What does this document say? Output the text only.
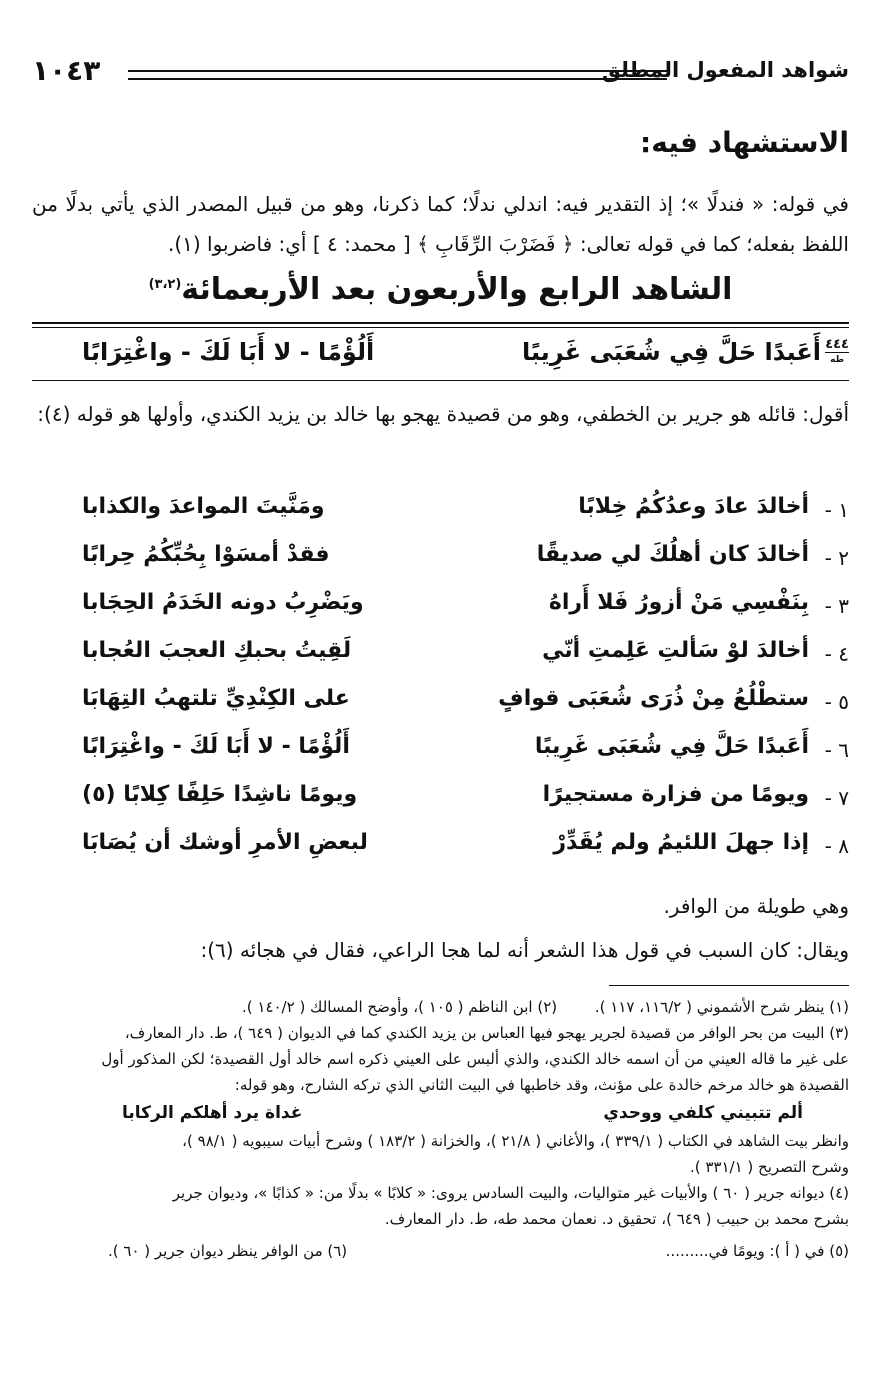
شواهد المفعول المطلق
١٠٤٣
الاستشهاد فيه:

في قوله: « فندلًا »؛ إذ التقدير فيه: اندلي ندلًا؛ كما ذكرنا، وهو من قبيل المصدر الذي يأتي بدلًا من اللفظ بفعله؛ كما في قوله تعالى: ﴿ فَضَرْبَ الرِّقَابِ ﴾ [ محمد: ٤ ] أي: فاضربوا (١).

الشاهد الرابع والأربعون بعد الأربعمائة$^{(٣،٢)}$
٤٤٤
طه
أَعَبدًا حَلَّ فِي شُعَبَى غَرِيبًا
أَلُؤْمًا - لا أَبَا لَكَ - واغْتِرَابًا

أقول: قائله هو جرير بن الخطفي، وهو من قصيدة يهجو بها خالد بن يزيد الكندي، وأولها هو قوله (٤):

١ -
أخالدَ عادَ وعدُكُمُ خِلابًا
ومَنَّيتَ المواعدَ والكذابا
٢ -
أخالدَ كان أهلُكَ لي صديقًا
فقدْ أمسَوْا بِحُبِّكُمُ حِرابًا
٣ -
بِنَفْسِي مَنْ أزورُ فَلا أَراهُ
ويَضْرِبُ دونه الخَدَمُ الحِجَابا
٤ -
أخالدَ لوْ سَألتِ عَلِمتِ أنّي
لَقِيتُ بحبكِ العجبَ العُجابا
٥ -
ستطْلُعُ مِنْ ذُرَى شُعَبَى قوافٍ
على الكِنْدِيِّ تلتهبُ التِهَابَا
٦ -
أَعَبدًا حَلَّ فِي شُعَبَى غَرِيبًا
أَلُؤْمًا - لا أَبَا لَكَ - واغْتِرَابًا
٧ -
ويومًا من فزارة مستجيرًا
ويومًا ناشِدًا حَلِفًا كِلابًا (٥)
٨ -
إذا جهلَ اللئيمُ ولم يُقَدِّرْ
لبعضِ الأمرِ أوشك أن يُصَابَا

وهي طويلة من الوافر.

ويقال: كان السبب في قول هذا الشعر أنه لما هجا الراعي، فقال في هجائه (٦):

(١) ينظر شرح الأشموني ( ١١٦/٢، ١١٧ ).
(٢) ابن الناظم ( ١٠٥ )، وأوضح المسالك ( ١٤٠/٢ ).
(٣) البيت من بحر الوافر من قصيدة لجرير يهجو فيها العباس بن يزيد الكندي كما في الديوان ( ٦٤٩ )، ط. دار المعارف،
على غير ما قاله العيني من أن اسمه خالد الكندي، والذي ألبس على العيني ذكره اسم خالد أول القصيدة؛ لكن المذكور أول
القصيدة هو خالد مرخم خالدة على مؤنث، وقد خاطبها في البيت الثاني الذي تركه الشارح، وهو قوله:
ألم تتبيني كلفي ووحدي
غداة يرد أهلكم الركابا
وانظر بيت الشاهد في الكتاب ( ٣٣٩/١ )، والأغاني ( ٢١/٨ )، والخزانة ( ١٨٣/٢ ) وشرح أبيات سيبويه ( ٩٨/١ )،
وشرح التصريح ( ٣٣١/١ ).
(٤) ديوانه جرير ( ٦٠ ) والأبيات غير متواليات، والبيت السادس يروى: « كلابًا » بدلًا من: « كذابًا »، وديوان جرير
بشرح محمد بن حبيب ( ٦٤٩ )، تحقيق د. نعمان محمد طه، ط. دار المعارف.
(٥) في ( أ ): ويومًا في.........
(٦) من الوافر ينظر ديوان جرير ( ٦٠ ).
